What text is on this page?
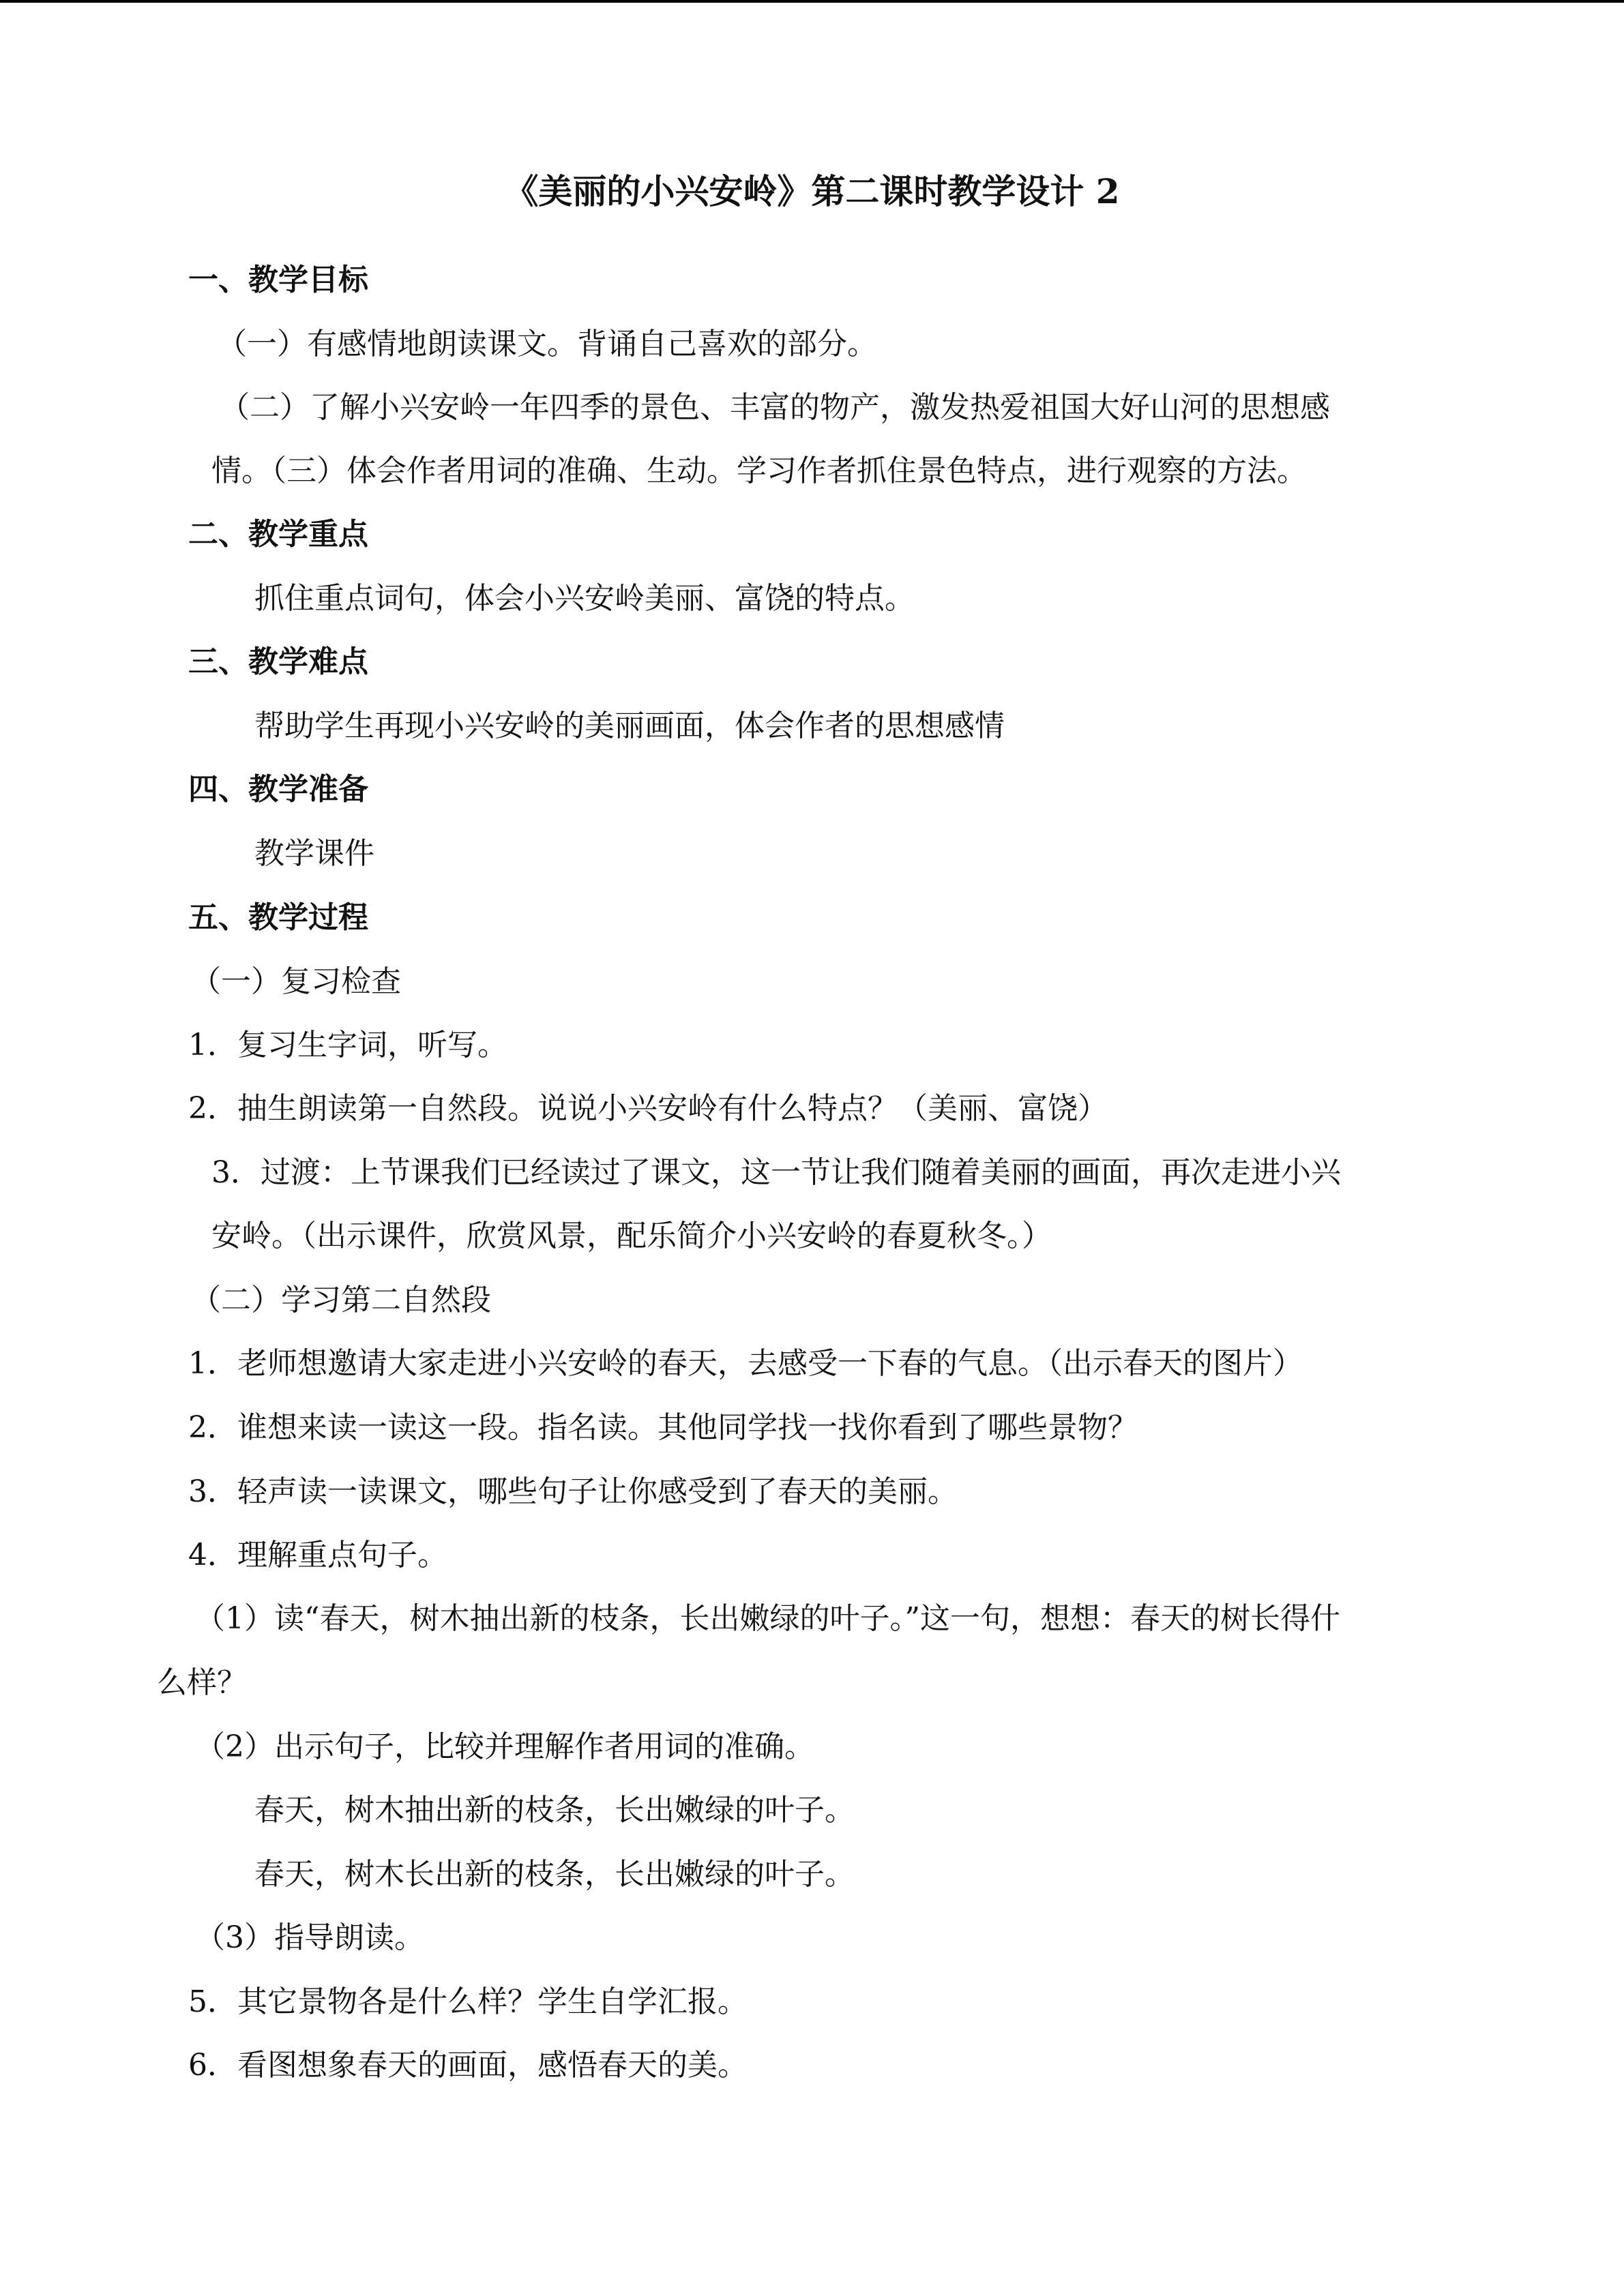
《美丽的小兴安岭》第二课时教学设计 2
一、教学目标
（一）有感情地朗读课文。背诵自己喜欢的部分。
（二）了解小兴安岭一年四季的景色、丰富的物产，激发热爱祖国大好山河的思想感
情。（三）体会作者用词的准确、生动。学习作者抓住景色特点，进行观察的方法。
二、教学重点
抓住重点词句，体会小兴安岭美丽、富饶的特点。
三、教学难点
帮助学生再现小兴安岭的美丽画面，体会作者的思想感情
四、教学准备
教学课件
五、教学过程
（一）复习检查
1．复习生字词，听写。
2．抽生朗读第一自然段。说说小兴安岭有什么特点？（美丽、富饶）
3．过渡：上节课我们已经读过了课文，这一节让我们随着美丽的画面，再次走进小兴
安岭。（出示课件，欣赏风景，配乐简介小兴安岭的春夏秋冬。）
（二）学习第二自然段
1．老师想邀请大家走进小兴安岭的春天，去感受一下春的气息。（出示春天的图片）
2．谁想来读一读这一段。指名读。其他同学找一找你看到了哪些景物？
3．轻声读一读课文，哪些句子让你感受到了春天的美丽。
4．理解重点句子。
（1）读“春天，树木抽出新的枝条，长出嫩绿的叶子。”这一句，想想：春天的树长得什
么样？
（2）出示句子，比较并理解作者用词的准确。
春天，树木抽出新的枝条，长出嫩绿的叶子。
春天，树木长出新的枝条，长出嫩绿的叶子。
（3）指导朗读。
5．其它景物各是什么样？学生自学汇报。
6．看图想象春天的画面，感悟春天的美。
